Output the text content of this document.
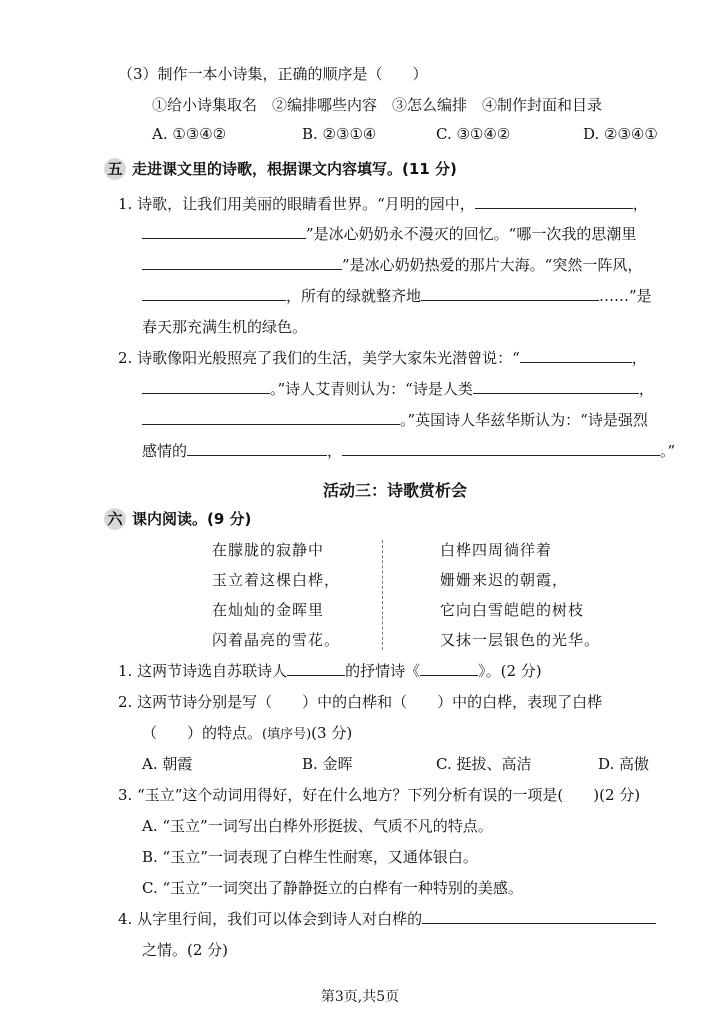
（3）制作一本小诗集，正确的顺序是（　　）
①给小诗集取名　②编排哪些内容　③怎么编排　④制作封面和目录
A. ①③④②	B. ②③①④	C. ③①④②	D. ②③④①
五 走进课文里的诗歌，根据课文内容填写。(11 分)
1. 诗歌，让我们用美丽的眼睛看世界。“月明的园中，	，
”是冰心奶奶永不漫灭的回忆。“哪一次我的思潮里
”是冰心奶奶热爱的那片大海。“突然一阵风，
，所有的绿就整齐地	……”是
春天那充满生机的绿色。
2. 诗歌像阳光般照亮了我们的生活，美学大家朱光潜曾说：“	，
。”诗人艾青则认为：“诗是人类	，
。”英国诗人华兹华斯认为：“诗是强烈
感情的	，	。”
活动三：诗歌赏析会
六 课内阅读。(9 分)
在朦胧的寂静中
玉立着这棵白桦，
在灿灿的金晖里
闪着晶亮的雪花。
白桦四周徜徉着
姗姗来迟的朝霞，
它向白雪皑皑的树枝
又抹一层银色的光华。
1. 这两节诗选自苏联诗人	的抒情诗《	》。(2 分)
2. 这两节诗分别是写（　　）中的白桦和（　　）中的白桦，表现了白桦
（　　）的特点。(填序号)(3 分)
A. 朝霞	B. 金晖	C. 挺拔、高洁	D. 高傲
3. “玉立”这个动词用得好，好在什么地方？下列分析有误的一项是(　　)(2 分)
A. “玉立”一词写出白桦外形挺拔、气质不凡的特点。
B. “玉立”一词表现了白桦生性耐寒，又通体银白。
C. “玉立”一词突出了静静挺立的白桦有一种特别的美感。
4. 从字里行间，我们可以体会到诗人对白桦的
之情。(2 分)
第3页,共5页
